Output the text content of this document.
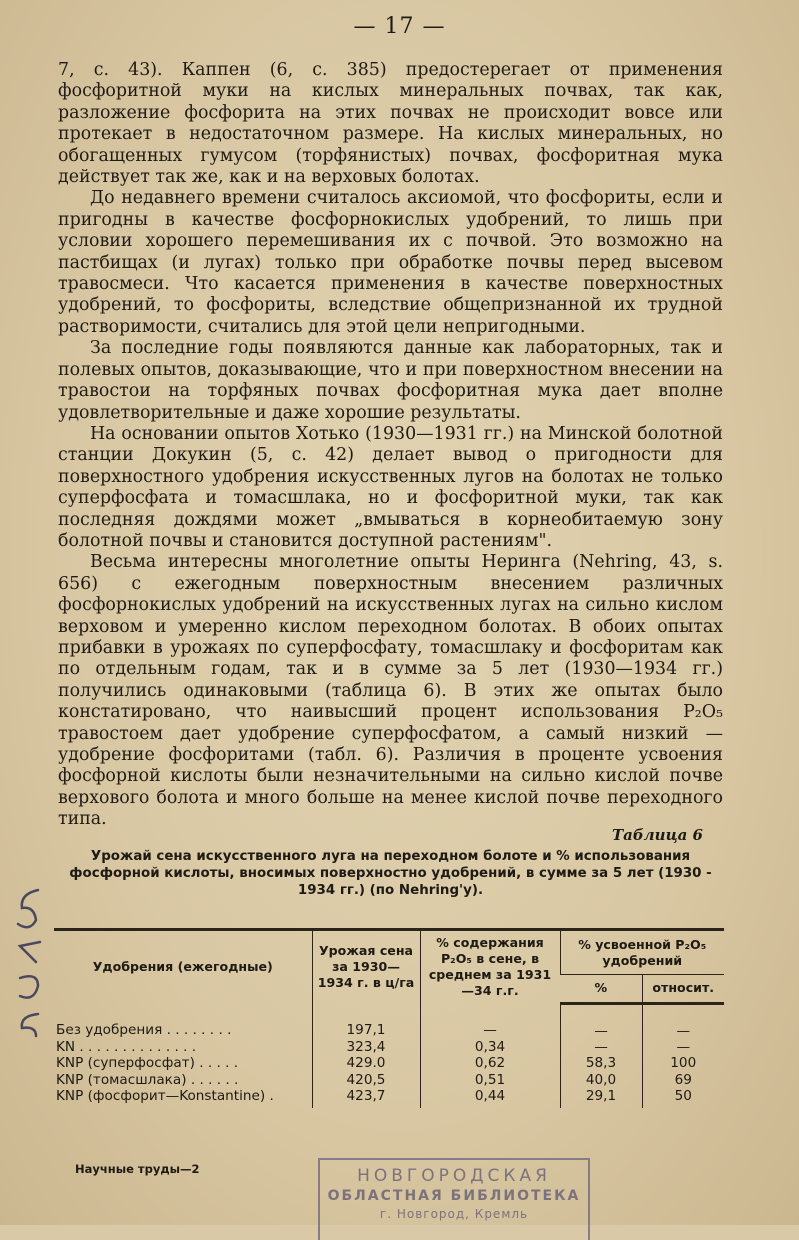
— 17 —

7, с. 43). Каппен (6, с. 385) предостерегает от применения фосфоритной муки на кислых минеральных почвах, так как, разложение фосфорита на этих почвах не происходит вовсе или протекает в недостаточном размере. На кислых минеральных, но обогащенных гумусом (торфянистых) почвах, фосфоритная мука действует так же, как и на верховых болотах.

До недавнего времени считалось аксиомой, что фосфориты, если и пригодны в качестве фосфорнокислых удобрений, то лишь при условии хорошего перемешивания их с почвой. Это возможно на пастбищах (и лугах) только при обработке почвы перед высевом травосмеси. Что касается применения в качестве поверхностных удобрений, то фосфориты, вследствие общепризнанной их трудной растворимости, считались для этой цели непригодными.

За последние годы появляются данные как лабораторных, так и полевых опытов, доказывающие, что и при поверхностном внесении на травостои на торфяных почвах фосфоритная мука дает вполне удовлетворительные и даже хорошие результаты.

На основании опытов Хотько (1930—1931 гг.) на Минской болотной станции Докукин (5, с. 42) делает вывод о пригодности для поверхностного удобрения искусственных лугов на болотах не только суперфосфата и томасшлака, но и фосфоритной муки, так как последняя дождями может „вмываться в корнеобитаемую зону болотной почвы и становится доступной растениям".

Весьма интересны многолетние опыты Неринга (Nehring, 43, s. 656) с ежегодным поверхностным внесением различных фосфорнокислых удобрений на искусственных лугах на сильно кислом верховом и умеренно кислом переходном болотах. В обоих опытах прибавки в урожаях по суперфосфату, томасшлаку и фосфоритам как по отдельным годам, так и в сумме за 5 лет (1930—1934 гг.) получились одинаковыми (таблица 6). В этих же опытах было констатировано, что наивысший процент использования P₂O₅ травостоем дает удобрение суперфосфатом, а самый низкий — удобрение фосфоритами (табл. 6). Различия в проценте усвоения фосфорной кислоты были незначительными на сильно кислой почве верхового болота и много больше на менее кислой почве переходного типа.

Таблица 6
Урожай сена искусственного луга на переходном болоте и % использования фосфорной кислоты, вносимых поверхностно удобрений, в сумме за 5 лет (1930 - 1934 гг.) (по Nehring'у).
Удобрения (ежегодные)	Урожая сена за 1930—1934 г. в ц/га	% содержания P₂O₅ в сене, в среднем за 1931—34 г.г.	% усвоенной P₂O₅ удобрений	
			%	относит.
Без удобрения . . . . . . . .	197,1	—	—	—
KN . . . . . . . . . . . . . .	323,4	0,34	—	—
KNP (суперфосфат) . . . . .	429.0	0,62	58,3	100
KNP (томасшлака) . . . . . .	420,5	0,51	40,0	69
KNP (фосфорит—Konstantine) .	423,7	0,44	29,1	50
Научные труды—2	НОВГОРОДСКАЯ
ОБЛАСТНАЯ БИБЛИОТЕКА
г. Новгород, Кремль
